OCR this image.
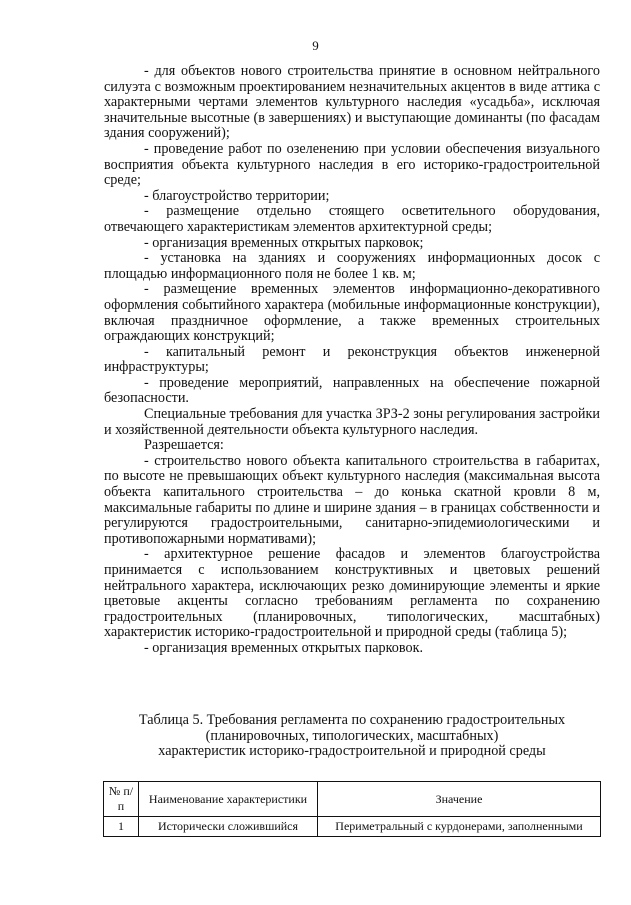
9

- для объектов нового строительства принятие в основном нейтрального силуэта с возможным проектированием незначительных акцентов в виде аттика с характерными чертами элементов культурного наследия «усадьба», исключая значительные высотные (в завершениях) и выступающие доминанты (по фасадам здания сооружений);

- проведение работ по озеленению при условии обеспечения визуального восприятия объекта культурного наследия в его историко-градостроительной среде;

- благоустройство территории;

- размещение отдельно стоящего осветительного оборудования, отвечающего характеристикам элементов архитектурной среды;

- организация временных открытых парковок;

- установка на зданиях и сооружениях информационных досок с площадью информационного поля не более 1 кв. м;

- размещение временных элементов информационно-декоративного оформления событийного характера (мобильные информационные конструкции), включая праздничное оформление, а также временных строительных ограждающих конструкций;

- капитальный ремонт и реконструкция объектов инженерной инфраструктуры;

- проведение мероприятий, направленных на обеспечение пожарной безопасности.

Специальные требования для участка ЗРЗ-2 зоны регулирования застройки и хозяйственной деятельности объекта культурного наследия.

Разрешается:

- строительство нового объекта капитального строительства в габаритах, по высоте не превышающих объект культурного наследия (максимальная высота объекта капитального строительства – до конька скатной кровли 8 м, максимальные габариты по длине и ширине здания – в границах собственности и регулируются градостроительными, санитарно-эпидемиологическими и противопожарными нормативами);

- архитектурное решение фасадов и элементов благоустройства принимается с использованием конструктивных и цветовых решений нейтрального характера, исключающих резко доминирующие элементы и яркие цветовые акценты согласно требованиям регламента по сохранению градостроительных (планировочных, типологических, масштабных) характеристик историко-градостроительной и природной среды (таблица 5);

- организация временных открытых парковок.

Таблица 5. Требования регламента по сохранению градостроительных
(планировочных, типологических, масштабных)
характеристик историко-градостроительной и природной среды
№ п/п	Наименование характеристики	Значение
1	Исторически сложившийся	Периметральный с курдонерами, заполненными
